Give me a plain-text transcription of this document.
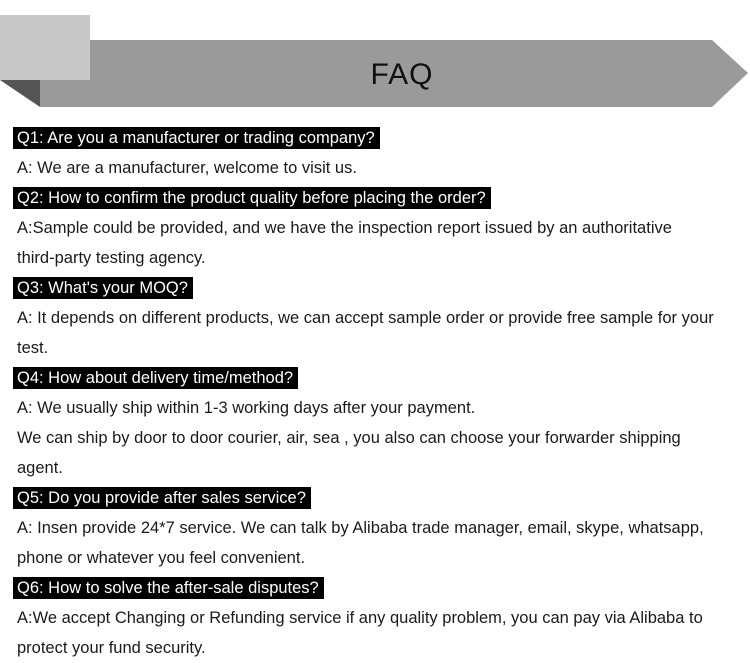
FAQ
Q1: Are you a manufacturer or trading company?
A: We are a manufacturer, welcome to visit us.
Q2: How to confirm the product quality before placing the order?
A:Sample could be provided, and we have the inspection report issued by an authoritative
third-party testing agency.
Q3: What's your MOQ?
A: It depends on different products, we can accept sample order or provide free sample for your
test.
Q4: How about delivery time/method?
A: We usually ship within 1-3 working days after your payment.
We can ship by door to door courier, air, sea , you also can choose your forwarder shipping
agent.
Q5: Do you provide after sales service?
A: Insen provide 24*7 service. We can talk by Alibaba trade manager, email, skype, whatsapp,
phone or whatever you feel convenient.
Q6: How to solve the after-sale disputes?
A:We accept Changing or Refunding service if any quality problem, you can pay via Alibaba to
protect your fund security.
